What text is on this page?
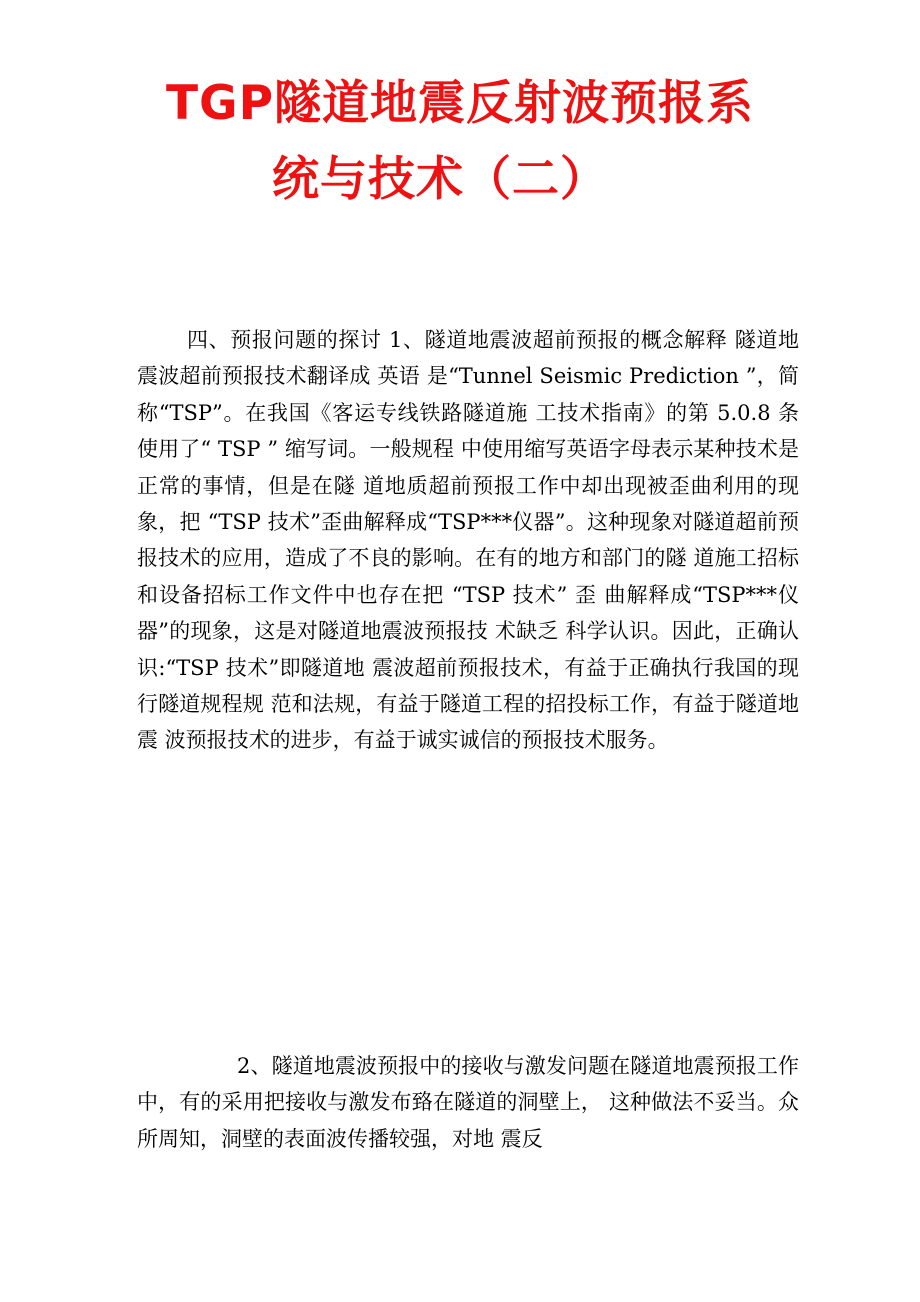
TGP隧道地震反射波预报系
统与技术（二）

四、预报问题的探讨 1、隧道地震波超前预报的概念解释 隧道地震波超前预报技术翻译成 英语 是“Tunnel Seismic Prediction ”，简称“TSP”。在我国《客运专线铁路隧道施 工技术指南》的第 5.0.8 条使用了“ TSP ” 缩写词。一般规程 中使用缩写英语字母表示某种技术是正常的事情，但是在隧 道地质超前预报工作中却出现被歪曲利用的现象，把 “TSP 技术”歪曲解释成“TSP***仪器”。这种现象对隧道超前预 报技术的应用，造成了不良的影响。在有的地方和部门的隧 道施工招标和设备招标工作文件中也存在把 “TSP 技术” 歪 曲解释成“TSP***仪器”的现象，这是对隧道地震波预报技 术缺乏 科学认识。因此，正确认识:“TSP 技术”即隧道地 震波超前预报技术，有益于正确执行我国的现行隧道规程规 范和法规，有益于隧道工程的招投标工作，有益于隧道地震 波预报技术的进步，有益于诚实诚信的预报技术服务。

2、隧道地震波预报中的接收与激发问题在隧道地震预报工作中，有的采用把接收与激发布臵在隧道的洞壁上， 这种做法不妥当。众所周知，洞壁的表面波传播较强，对地 震反
